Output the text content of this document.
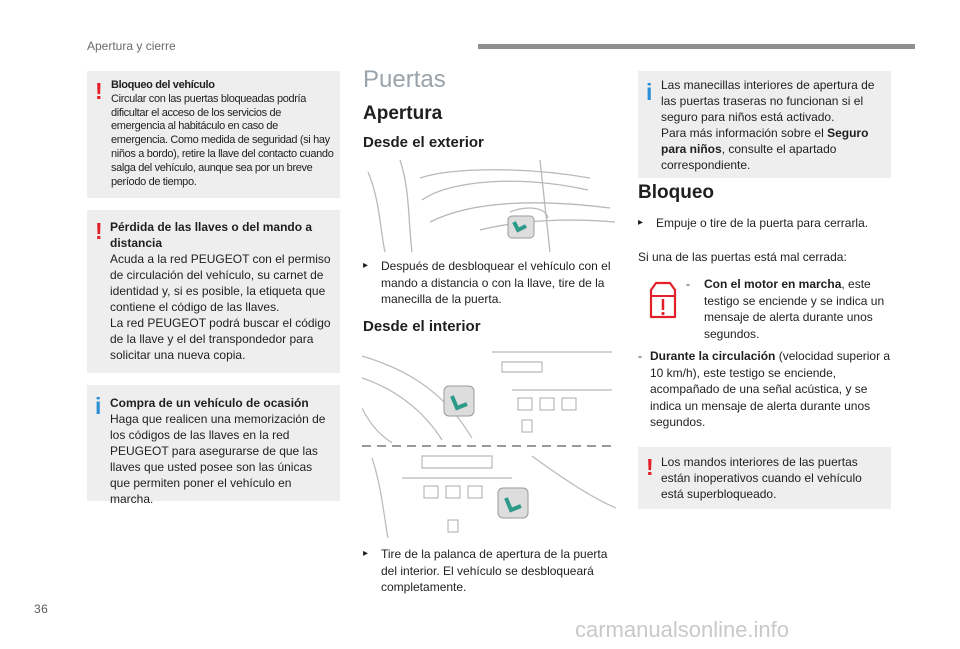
Apertura y cierre
! Bloqueo del vehículo
Circular con las puertas bloqueadas podría dificultar el acceso de los servicios de emergencia al habitáculo en caso de emergencia. Como medida de seguridad (si hay niños a bordo), retire la llave del contacto cuando salga del vehículo, aunque sea por un breve período de tiempo.
! Pérdida de las llaves o del mando a distancia
Acuda a la red PEUGEOT con el permiso de circulación del vehículo, su carnet de identidad y, si es posible, la etiqueta que contiene el código de las llaves.
La red PEUGEOT podrá buscar el código de la llave y el del transpondedor para solicitar una nueva copia.
i Compra de un vehículo de ocasión
Haga que realicen una memorización de los códigos de las llaves en la red PEUGEOT para asegurarse de que las llaves que usted posee son las únicas que permiten poner el vehículo en marcha.
Puertas
Apertura
Desde el exterior
▸	Después de desbloquear el vehículo con el mando a distancia o con la llave, tire de la manecilla de la puerta.
Desde el interior
▸	Tire de la palanca de apertura de la puerta del interior. El vehículo se desbloqueará completamente.
i Las manecillas interiores de apertura de las puertas traseras no funcionan si el seguro para niños está activado.
Para más información sobre el Seguro para niños, consulte el apartado correspondiente.
Bloqueo
▸	Empuje o tire de la puerta para cerrarla.
Si una de las puertas está mal cerrada:
-	Con el motor en marcha, este testigo se enciende y se indica un mensaje de alerta durante unos segundos.
- Durante la circulación (velocidad superior a 10 km/h), este testigo se enciende, acompañado de una señal acústica, y se indica un mensaje de alerta durante unos segundos.
! Los mandos interiores de las puertas están inoperativos cuando el vehículo está superbloqueado.
36
carmanualsonline.info
